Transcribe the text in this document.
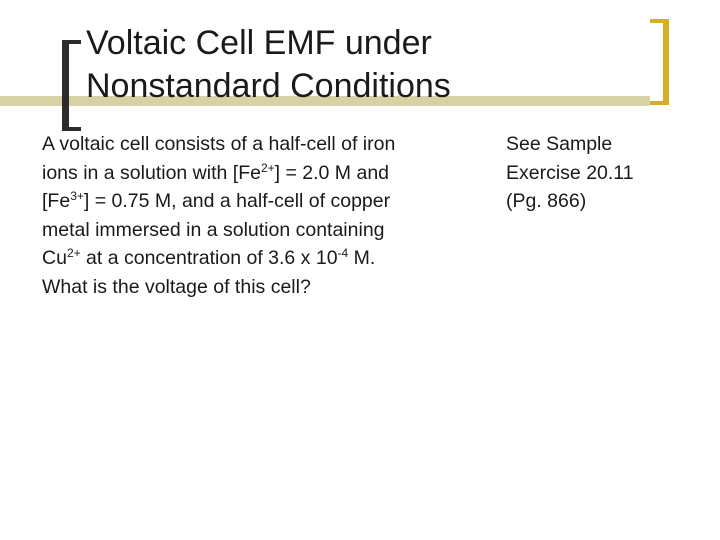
Voltaic Cell EMF under
Nonstandard Conditions
A voltaic cell consists of a half-cell of iron
ions in a solution with $[Fe^{2+}] = 2.0$ M and
$[Fe^{3+}] = 0.75$ M, and a half-cell of copper
metal immersed in a solution containing
$Cu^{2+}$ at a concentration of 3.6 x $10^{-4}$ M.
What is the voltage of this cell?
See Sample
Exercise 20.11
(Pg. 866)
